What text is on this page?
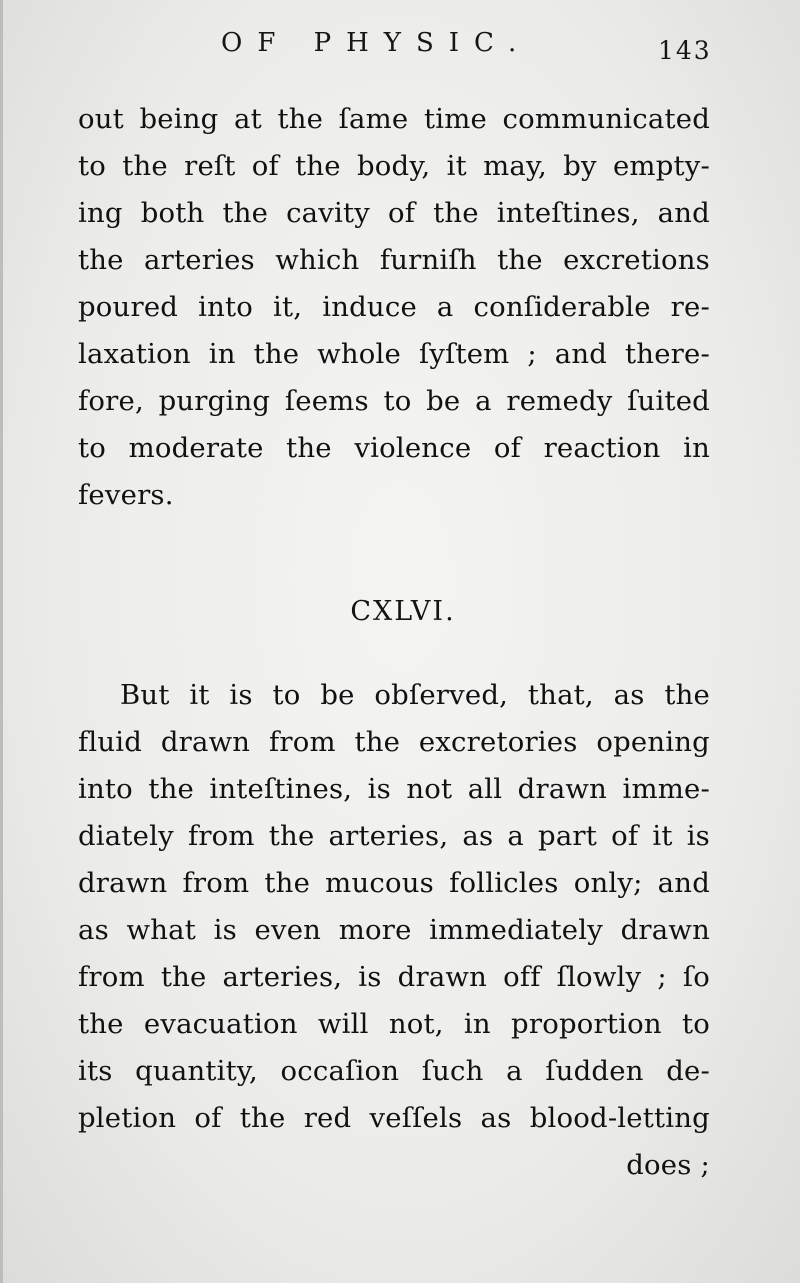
OF PHYSIC.	143
out being at the ſame time communicated
to the reſt of the body, it may, by empty-
ing both the cavity of the inteſtines, and
the arteries which furniſh the excretions
poured into it, induce a conſiderable re-
laxation in the whole ſyſtem ; and there-
fore, purging ſeems to be a remedy ſuited
to moderate the violence of reaction in
fevers.
CXLVI.
But it is to be obſerved, that, as the
fluid drawn from the excretories opening
into the inteſtines, is not all drawn imme-
diately from the arteries, as a part of it is
drawn from the mucous follicles only; and
as what is even more immediately drawn
from the arteries, is drawn off ſlowly ; ſo
the evacuation will not, in proportion to
its quantity, occaſion ſuch a ſudden de-
pletion of the red veſſels as blood-letting
does ;
